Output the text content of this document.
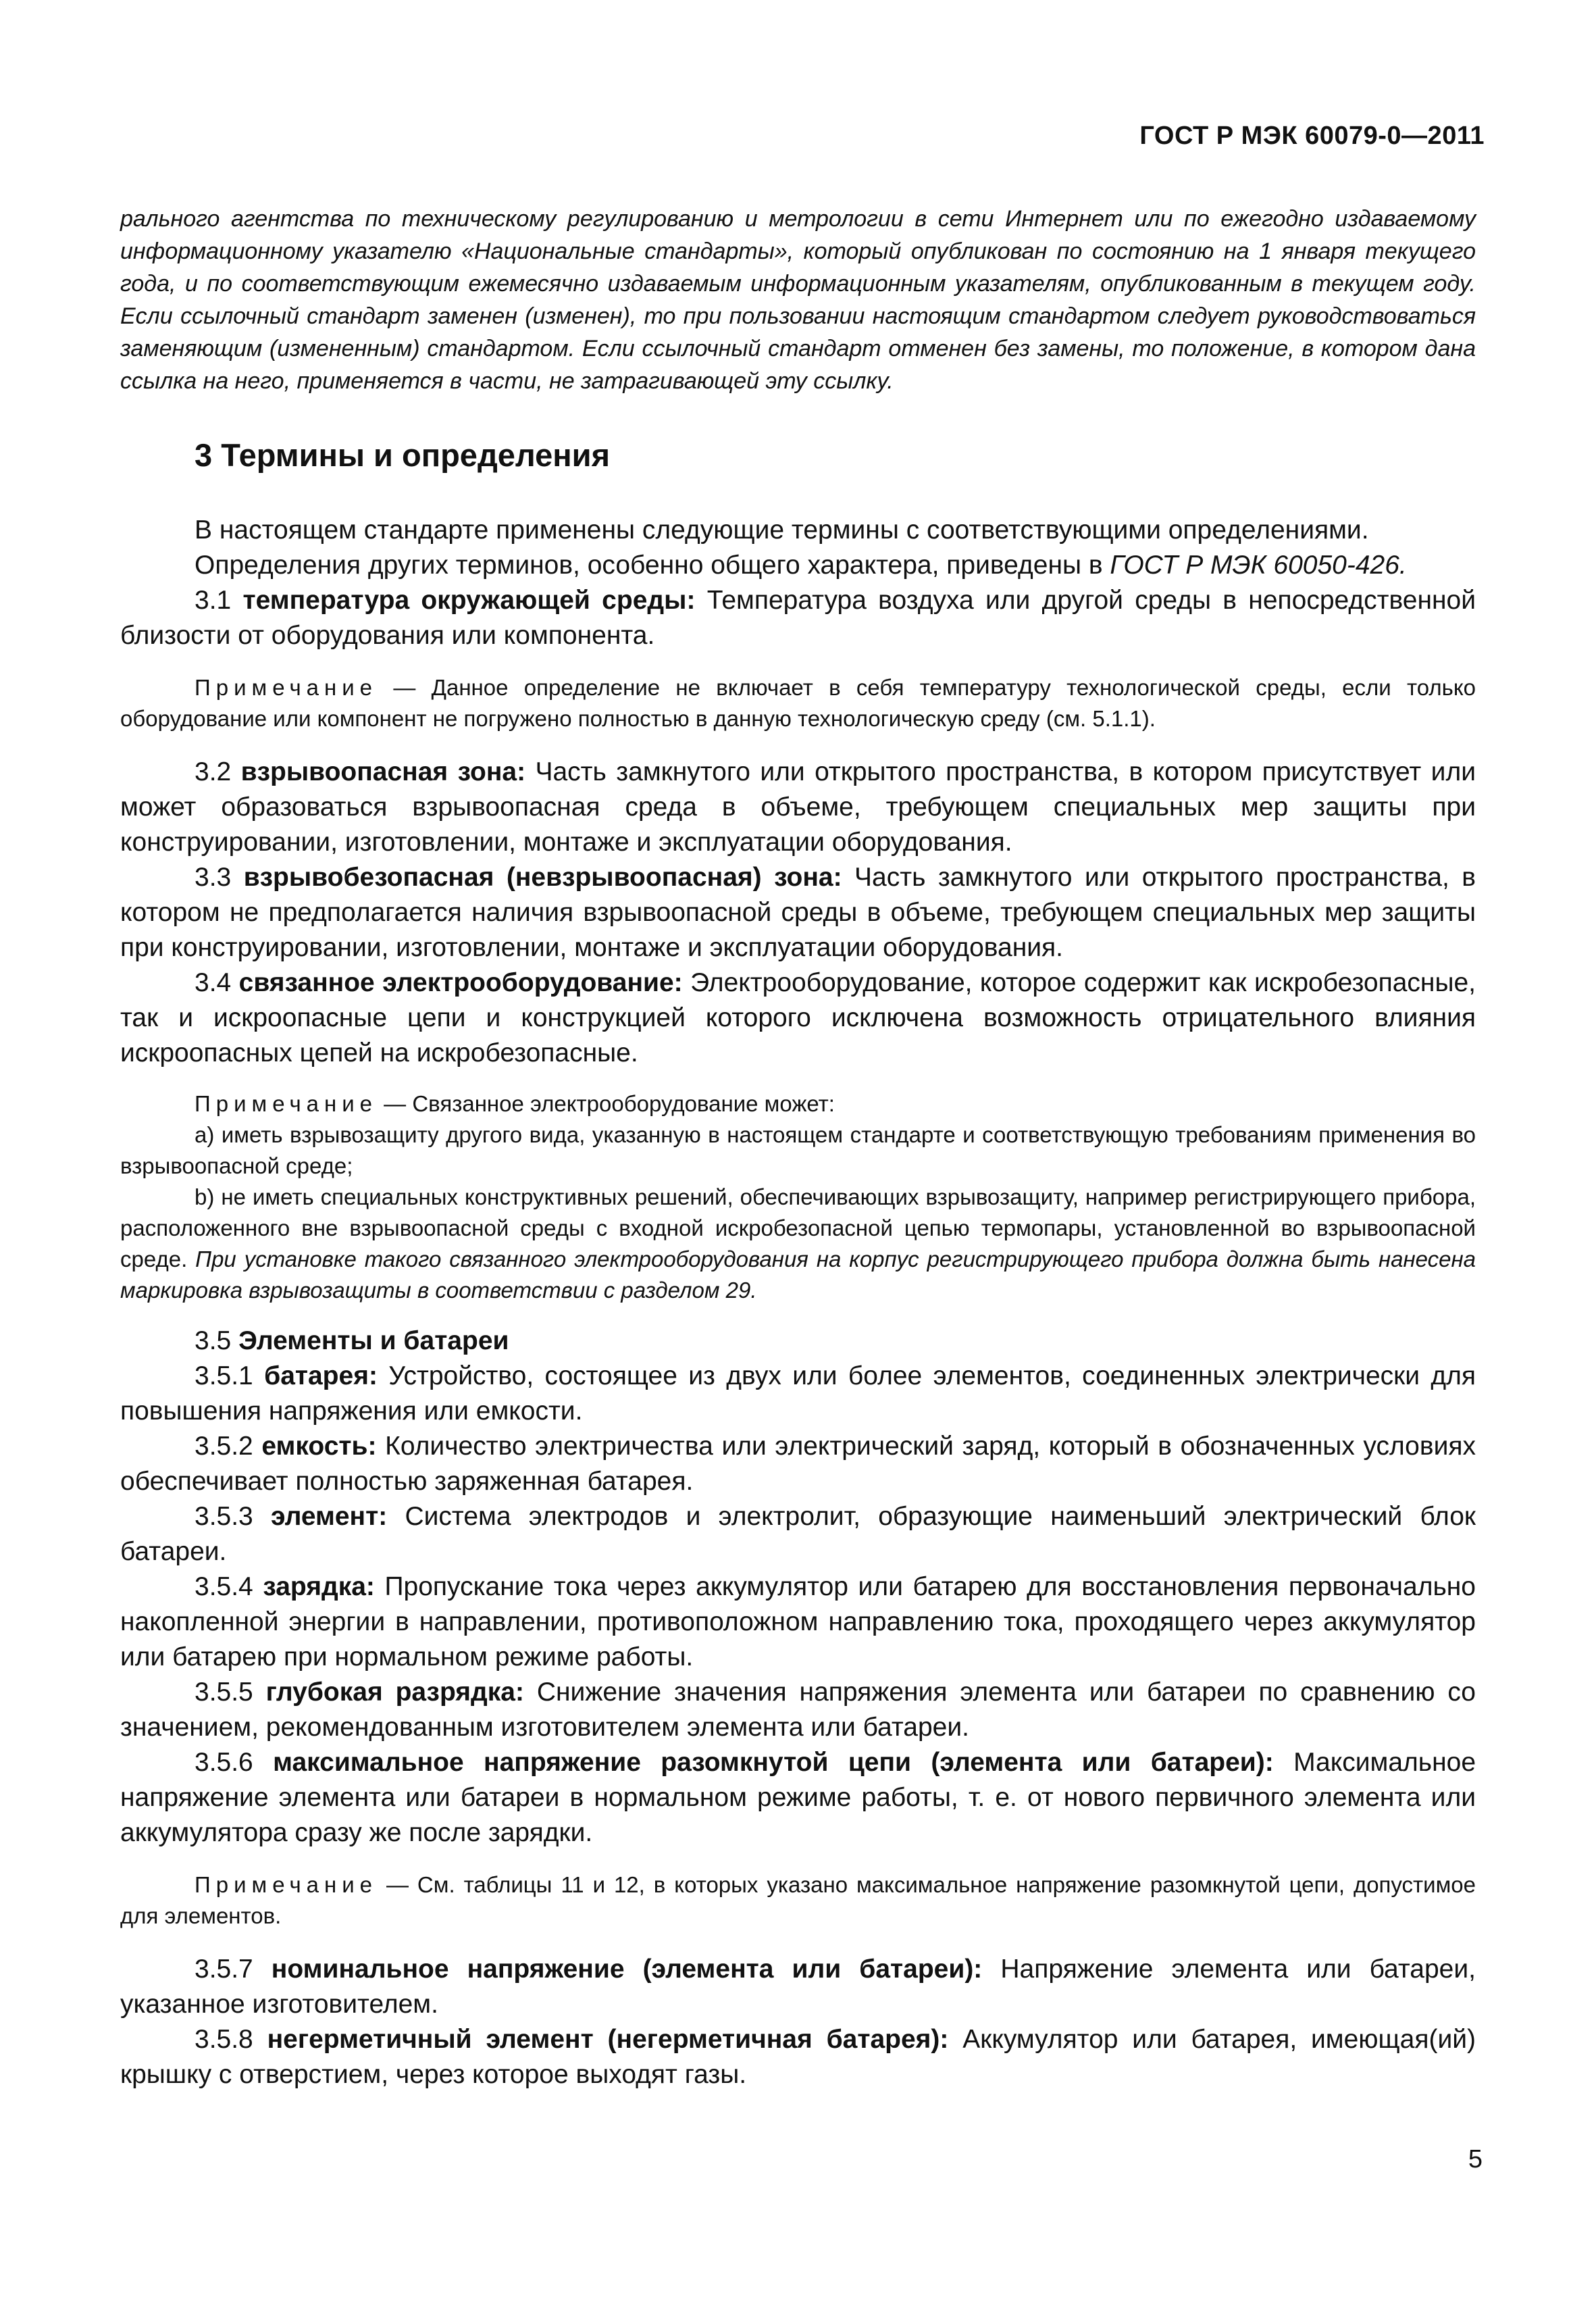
ГОСТ Р МЭК 60079-0—2011

рального агентства по техническому регулированию и метрологии в сети Интернет или по ежегодно издаваемому информационному указателю «Национальные стандарты», который опубликован по состоянию на 1 января текущего года, и по соответствующим ежемесячно издаваемым информационным указателям, опубликованным в текущем году. Если ссылочный стандарт заменен (изменен), то при пользовании настоящим стандартом следует руководствоваться заменяющим (измененным) стандартом. Если ссылочный стандарт отменен без замены, то положение, в котором дана ссылка на него, применяется в части, не затрагивающей эту ссылку.

3 Термины и определения

В настоящем стандарте применены следующие термины с соответствующими определениями.

Определения других терминов, особенно общего характера, приведены в ГОСТ Р МЭК 60050-426.

3.1 температура окружающей среды: Температура воздуха или другой среды в непосредственной близости от оборудования или компонента.

Примечание — Данное определение не включает в себя температуру технологической среды, если только оборудование или компонент не погружено полностью в данную технологическую среду (см. 5.1.1).

3.2 взрывоопасная зона: Часть замкнутого или открытого пространства, в котором присутствует или может образоваться взрывоопасная среда в объеме, требующем специальных мер защиты при конструировании, изготовлении, монтаже и эксплуатации оборудования.

3.3 взрывобезопасная (невзрывоопасная) зона: Часть замкнутого или открытого пространства, в котором не предполагается наличия взрывоопасной среды в объеме, требующем специальных мер защиты при конструировании, изготовлении, монтаже и эксплуатации оборудования.

3.4 связанное электрооборудование: Электрооборудование, которое содержит как искробезопасные, так и искроопасные цепи и конструкцией которого исключена возможность отрицательного влияния искроопасных цепей на искробезопасные.

Примечание — Связанное электрооборудование может:

а) иметь взрывозащиту другого вида, указанную в настоящем стандарте и соответствующую требованиям применения во взрывоопасной среде;

b) не иметь специальных конструктивных решений, обеспечивающих взрывозащиту, например регистрирующего прибора, расположенного вне взрывоопасной среды с входной искробезопасной цепью термопары, установленной во взрывоопасной среде. При установке такого связанного электрооборудования на корпус регистрирующего прибора должна быть нанесена маркировка взрывозащиты в соответствии с разделом 29.

3.5 Элементы и батареи

3.5.1 батарея: Устройство, состоящее из двух или более элементов, соединенных электрически для повышения напряжения или емкости.

3.5.2 емкость: Количество электричества или электрический заряд, который в обозначенных условиях обеспечивает полностью заряженная батарея.

3.5.3 элемент: Система электродов и электролит, образующие наименьший электрический блок батареи.

3.5.4 зарядка: Пропускание тока через аккумулятор или батарею для восстановления первоначально накопленной энергии в направлении, противоположном направлению тока, проходящего через аккумулятор или батарею при нормальном режиме работы.

3.5.5 глубокая разрядка: Снижение значения напряжения элемента или батареи по сравнению со значением, рекомендованным изготовителем элемента или батареи.

3.5.6 максимальное напряжение разомкнутой цепи (элемента или батареи): Максимальное напряжение элемента или батареи в нормальном режиме работы, т. е. от нового первичного элемента или аккумулятора сразу же после зарядки.

Примечание — См. таблицы 11 и 12, в которых указано максимальное напряжение разомкнутой цепи, допустимое для элементов.

3.5.7 номинальное напряжение (элемента или батареи): Напряжение элемента или батареи, указанное изготовителем.

3.5.8 негерметичный элемент (негерметичная батарея): Аккумулятор или батарея, имеющая(ий) крышку с отверстием, через которое выходят газы.

5
